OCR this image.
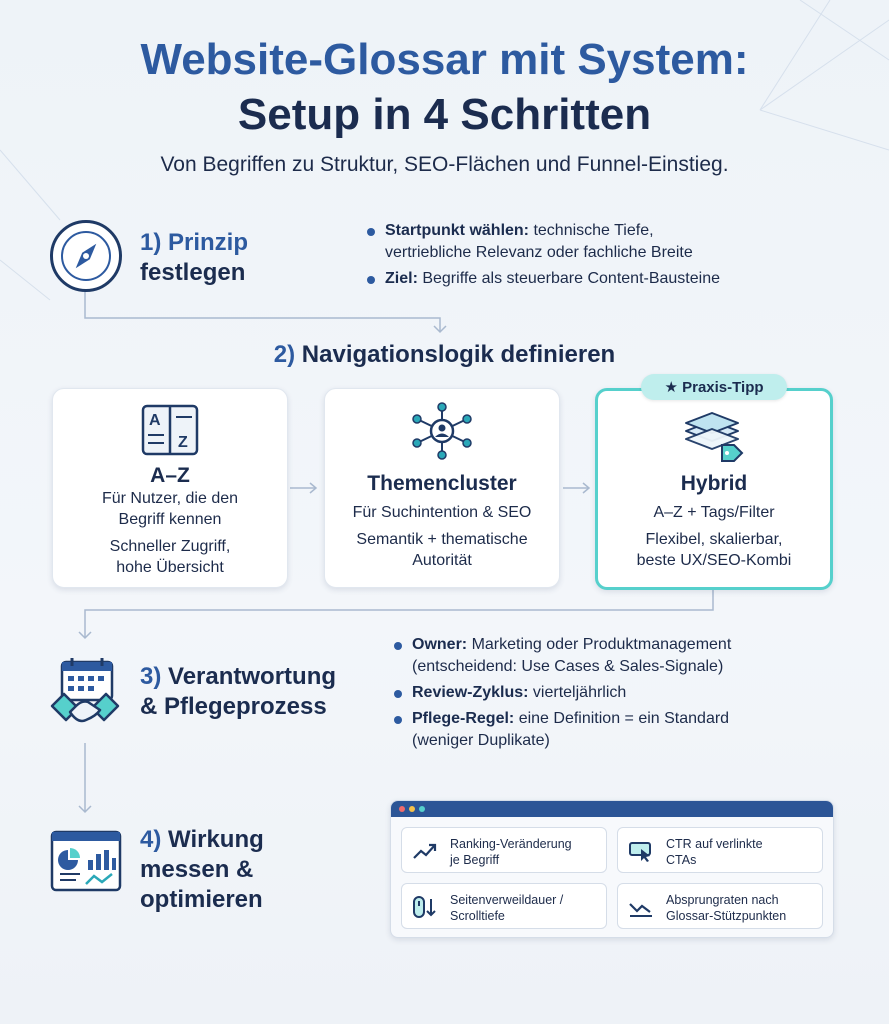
Website-Glossar mit System:
Setup in 4 Schritten
Von Begriffen zu Struktur, SEO-Flächen und Funnel-Einstieg.
1) Prinzip
festlegen
Startpunkt wählen: technische Tiefe,
vertriebliche Relevanz oder fachliche Breite
Ziel: Begriffe als steuerbare Content-Bausteine
2) Navigationslogik definieren
A
Z
A–Z
Für Nutzer, die den
Begriff kennen
Schneller Zugriff,
hohe Übersicht
Themencluster
Für Suchintention & SEO
Semantik + thematische
Autorität
Hybrid
A–Z + Tags/Filter
Flexibel, skalierbar,
beste UX/SEO-Kombi
★ Praxis-Tipp
3) Verantwortung
& Pflegeprozess
Owner: Marketing oder Produktmanagement
(entscheidend: Use Cases & Sales-Signale)
Review-Zyklus: vierteljährlich
Pflege-Regel: eine Definition = ein Standard
(weniger Duplikate)
4) Wirkung
messen &
optimieren
Ranking-Veränderung
je Begriff
CTR auf verlinkte
CTAs
Seitenverweildauer /
Scrolltiefe
Absprungraten nach
Glossar-Stützpunkten
